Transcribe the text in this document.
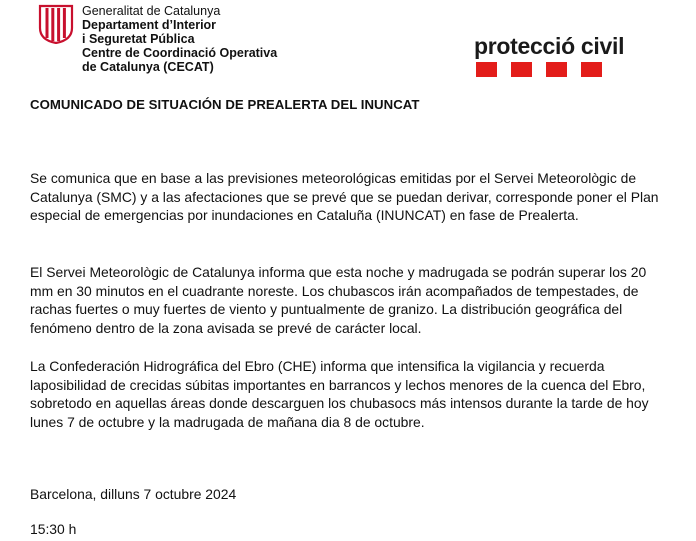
Generalitat de Catalunya
Departament d’Interior
i Seguretat Pública
Centre de Coordinació Operativa
de Catalunya (CECAT)
protecció civil
COMUNICADO DE SITUACIÓN DE PREALERTA DEL INUNCAT

Se comunica que en base a las previsiones meteorológicas emitidas por el Servei Meteorològic de Catalunya (SMC) y a las afectaciones que se prevé que se puedan derivar, corresponde poner el Plan especial de emergencias por inundaciones en Cataluña (INUNCAT) en fase de Prealerta.

El Servei Meteorològic de Catalunya informa que esta noche y madrugada se podrán superar los 20 mm en 30 minutos en el cuadrante noreste. Los chubascos irán acompañados de tempestades, de rachas fuertes o muy fuertes de viento y puntualmente de granizo. La distribución geográfica del fenómeno dentro de la zona avisada se prevé de carácter local.

La Confederación Hidrográfica del Ebro (CHE) informa que intensifica la vigilancia y recuerda laposibilidad de crecidas súbitas importantes en barrancos y lechos menores de la cuenca del Ebro, sobretodo en aquellas áreas donde descarguen los chubasocs más intensos durante la tarde de hoy lunes 7 de octubre y la madrugada de mañana dia 8 de octubre.

Barcelona, dilluns 7 octubre 2024

15:30 h
